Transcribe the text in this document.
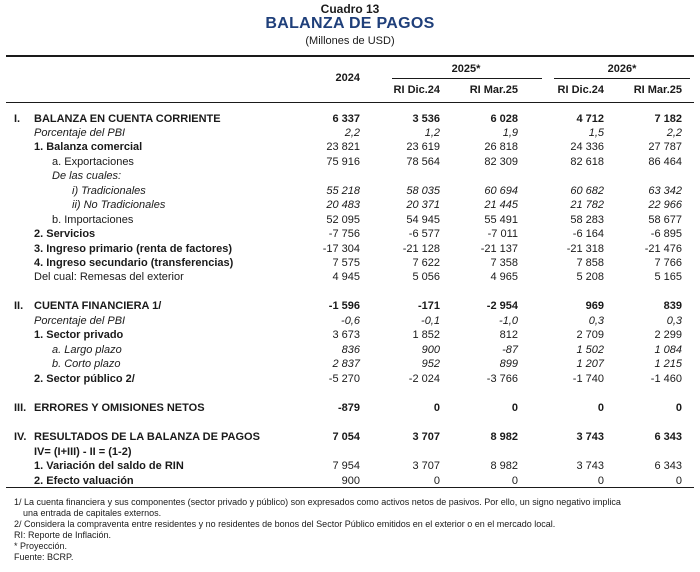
Cuadro 13
BALANZA DE PAGOS
(Millones de USD)
2024
2025*	2026*
RI Dic.24	RI Mar.25	RI Dic.24	RI Mar.25
I.	BALANZA EN CUENTA CORRIENTE	6 337	3 536	6 028	4 712	7 182
Porcentaje del PBI	2,2	1,2	1,9	1,5	2,2
1. Balanza comercial	23 821	23 619	26 818	24 336	27 787
a. Exportaciones	75 916	78 564	82 309	82 618	86 464
De las cuales:
i) Tradicionales	55 218	58 035	60 694	60 682	63 342
ii) No Tradicionales	20 483	20 371	21 445	21 782	22 966
b. Importaciones	52 095	54 945	55 491	58 283	58 677
2. Servicios	-7 756	-6 577	-7 011	-6 164	-6 895
3. Ingreso primario (renta de factores)	-17 304	-21 128	-21 137	-21 318	-21 476
4. Ingreso secundario (transferencias)	7 575	7 622	7 358	7 858	7 766
Del cual: Remesas del exterior	4 945	5 056	4 965	5 208	5 165
II. CUENTA FINANCIERA 1/	-1 596	-171	-2 954	969	839
Porcentaje del PBI	-0,6	-0,1	-1,0	0,3	0,3
1. Sector privado	3 673	1 852	812	2 709	2 299
a. Largo plazo	836	900	-87	1 502	1 084
b. Corto plazo	2 837	952	899	1 207	1 215
2. Sector público 2/	-5 270	-2 024	-3 766	-1 740	-1 460
III. ERRORES Y OMISIONES NETOS	-879	0	0	0	0
IV. RESULTADOS DE LA BALANZA DE PAGOS	7 054	3 707	8 982	3 743	6 343
IV= (I+III) - II = (1-2)
1. Variación del saldo de RIN	7 954	3 707	8 982	3 743	6 343
2. Efecto valuación	900	0	0	0	0
1/ La cuenta financiera y sus componentes (sector privado y público) son expresados como activos netos de pasivos. Por ello, un signo negativo implica
una entrada de capitales externos.
2/ Considera la compraventa entre residentes y no residentes de bonos del Sector Público emitidos en el exterior o en el mercado local.
RI: Reporte de Inflación.
* Proyección.
Fuente: BCRP.
